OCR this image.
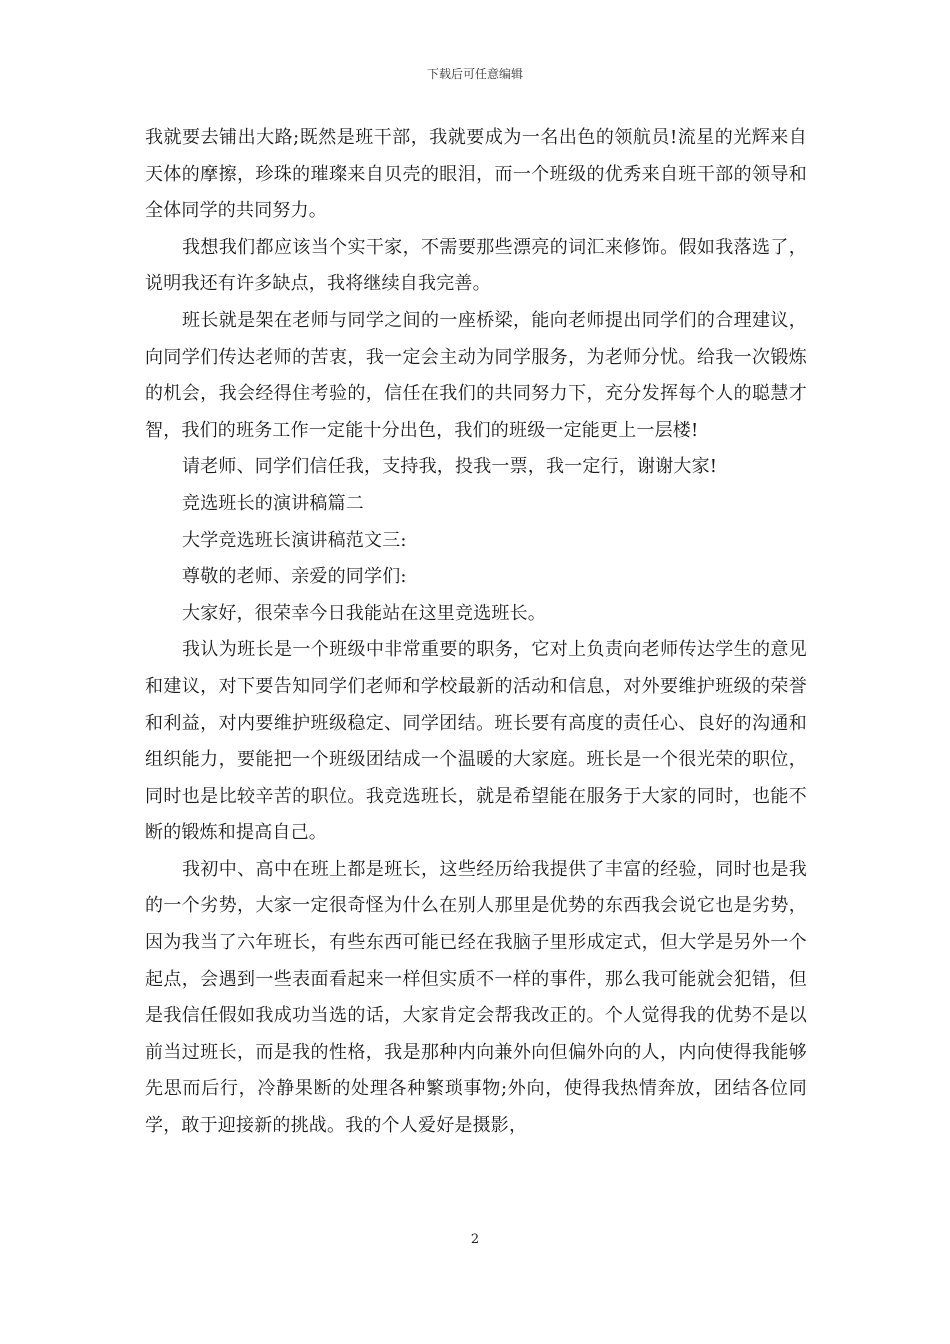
下载后可任意编辑

我就要去铺出大路;既然是班干部，我就要成为一名出色的领航员!流星的光辉来自天体的摩擦，珍珠的璀璨来自贝壳的眼泪，而一个班级的优秀来自班干部的领导和全体同学的共同努力。

我想我们都应该当个实干家，不需要那些漂亮的词汇来修饰。假如我落选了，说明我还有许多缺点，我将继续自我完善。

班长就是架在老师与同学之间的一座桥梁，能向老师提出同学们的合理建议，向同学们传达老师的苦衷，我一定会主动为同学服务，为老师分忧。给我一次锻炼的机会，我会经得住考验的，信任在我们的共同努力下，充分发挥每个人的聪慧才智，我们的班务工作一定能十分出色，我们的班级一定能更上一层楼!

请老师、同学们信任我，支持我，投我一票，我一定行，谢谢大家!

竞选班长的演讲稿篇二

大学竞选班长演讲稿范文三:

尊敬的老师、亲爱的同学们:

大家好，很荣幸今日我能站在这里竞选班长。

我认为班长是一个班级中非常重要的职务，它对上负责向老师传达学生的意见和建议，对下要告知同学们老师和学校最新的活动和信息，对外要维护班级的荣誉和利益，对内要维护班级稳定、同学团结。班长要有高度的责任心、良好的沟通和组织能力，要能把一个班级团结成一个温暖的大家庭。班长是一个很光荣的职位，同时也是比较辛苦的职位。我竞选班长，就是希望能在服务于大家的同时，也能不断的锻炼和提高自己。

我初中、高中在班上都是班长，这些经历给我提供了丰富的经验，同时也是我的一个劣势，大家一定很奇怪为什么在别人那里是优势的东西我会说它也是劣势，因为我当了六年班长，有些东西可能已经在我脑子里形成定式，但大学是另外一个起点，会遇到一些表面看起来一样但实质不一样的事件，那么我可能就会犯错，但是我信任假如我成功当选的话，大家肯定会帮我改正的。个人觉得我的优势不是以前当过班长，而是我的性格，我是那种内向兼外向但偏外向的人，内向使得我能够先思而后行，冷静果断的处理各种繁琐事物;外向，使得我热情奔放，团结各位同学，敢于迎接新的挑战。我的个人爱好是摄影，

2
